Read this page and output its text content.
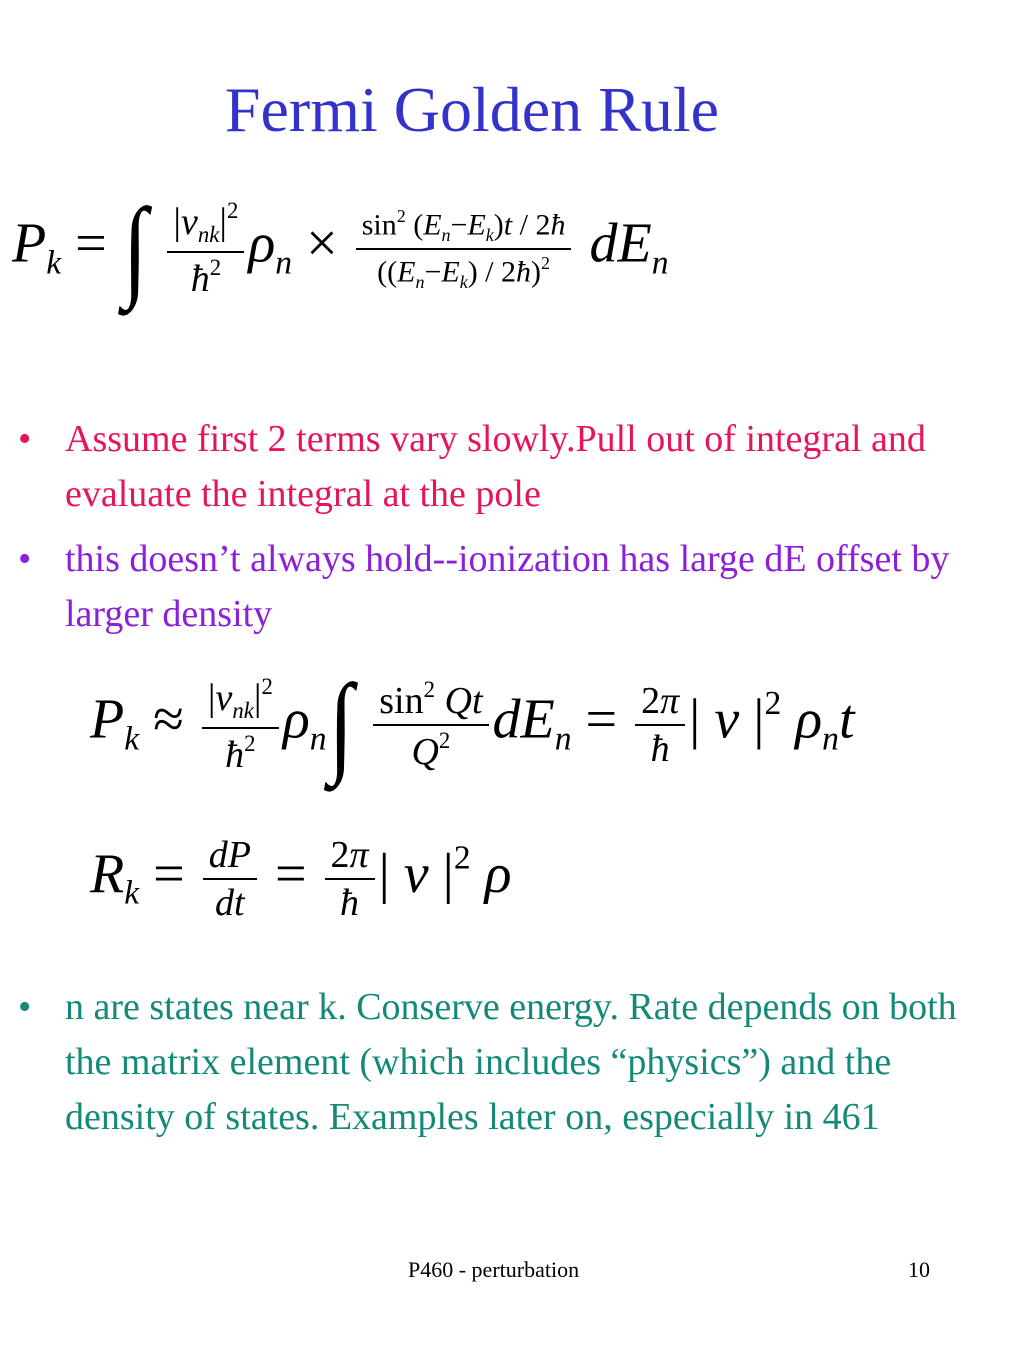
Fermi Golden Rule
$P_k$ = ∫ $\frac{|v_{nk}|^2}{ħ^2} \rho_n \times \frac{\sin^2 (E_n-E_k)t / 2ħ}{((E_n-E_k) / 2ħ)^2} dE_n$
• Assume first 2 terms vary slowly.Pull out of integral and evaluate the integral at the pole
• this doesn’t always hold--ionization has large dE offset by larger density
$P_k \approx \frac{|v_{nk}|^2}{ħ^2} \rho_n\int \frac{\sin^2 Qt}{Q^2} dE_n = \frac{2\pi}{ħ}$ | v $|^2$ $\rho_nt$
$R_k = \frac{dP}{dt} = \frac{2\pi}{ħ}$ | v $|^2$ ρ
• n are states near k. Conserve energy. Rate depends on both the matrix element (which includes “physics”) and the density of states. Examples later on, especially in 461
P460 - perturbation	10
